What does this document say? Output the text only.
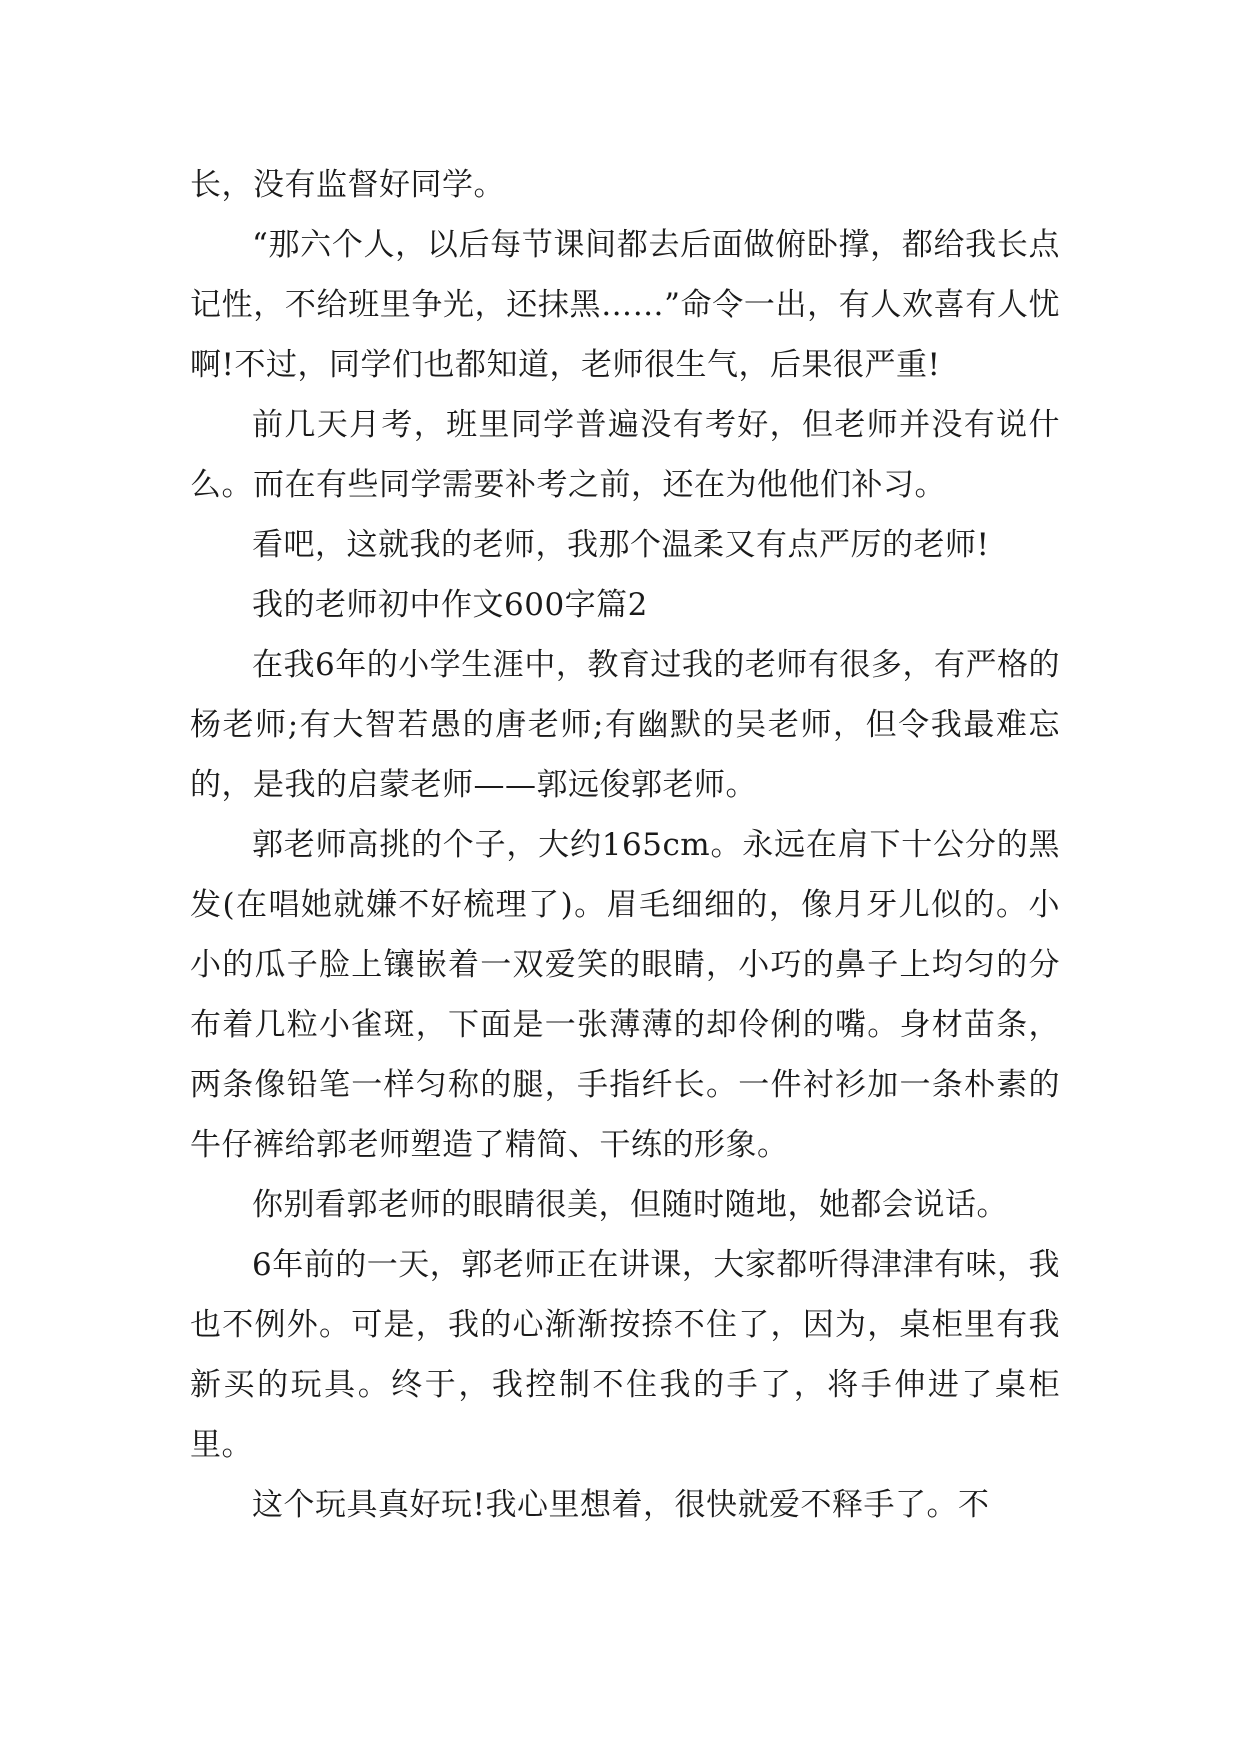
长，没有监督好同学。

“那六个人，以后每节课间都去后面做俯卧撑，都给我长点记性，不给班里争光，还抹黑……”命令一出，有人欢喜有人忧啊!不过，同学们也都知道，老师很生气，后果很严重!

前几天月考，班里同学普遍没有考好，但老师并没有说什么。而在有些同学需要补考之前，还在为他他们补习。

看吧，这就我的老师，我那个温柔又有点严厉的老师!

我的老师初中作文600字篇2

在我6年的小学生涯中，教育过我的老师有很多，有严格的杨老师;有大智若愚的唐老师;有幽默的吴老师，但令我最难忘的，是我的启蒙老师——郭远俊郭老师。

郭老师高挑的个子，大约165cm。永远在肩下十公分的黑发(在唱她就嫌不好梳理了)。眉毛细细的，像月牙儿似的。小小的瓜子脸上镶嵌着一双爱笑的眼睛，小巧的鼻子上均匀的分布着几粒小雀斑，下面是一张薄薄的却伶俐的嘴。身材苗条，两条像铅笔一样匀称的腿，手指纤长。一件衬衫加一条朴素的牛仔裤给郭老师塑造了精简、干练的形象。

你别看郭老师的眼睛很美，但随时随地，她都会说话。

6年前的一天，郭老师正在讲课，大家都听得津津有味，我也不例外。可是，我的心渐渐按捺不住了，因为，桌柜里有我新买的玩具。终于，我控制不住我的手了，将手伸进了桌柜里。

这个玩具真好玩!我心里想着，很快就爱不释手了。不
